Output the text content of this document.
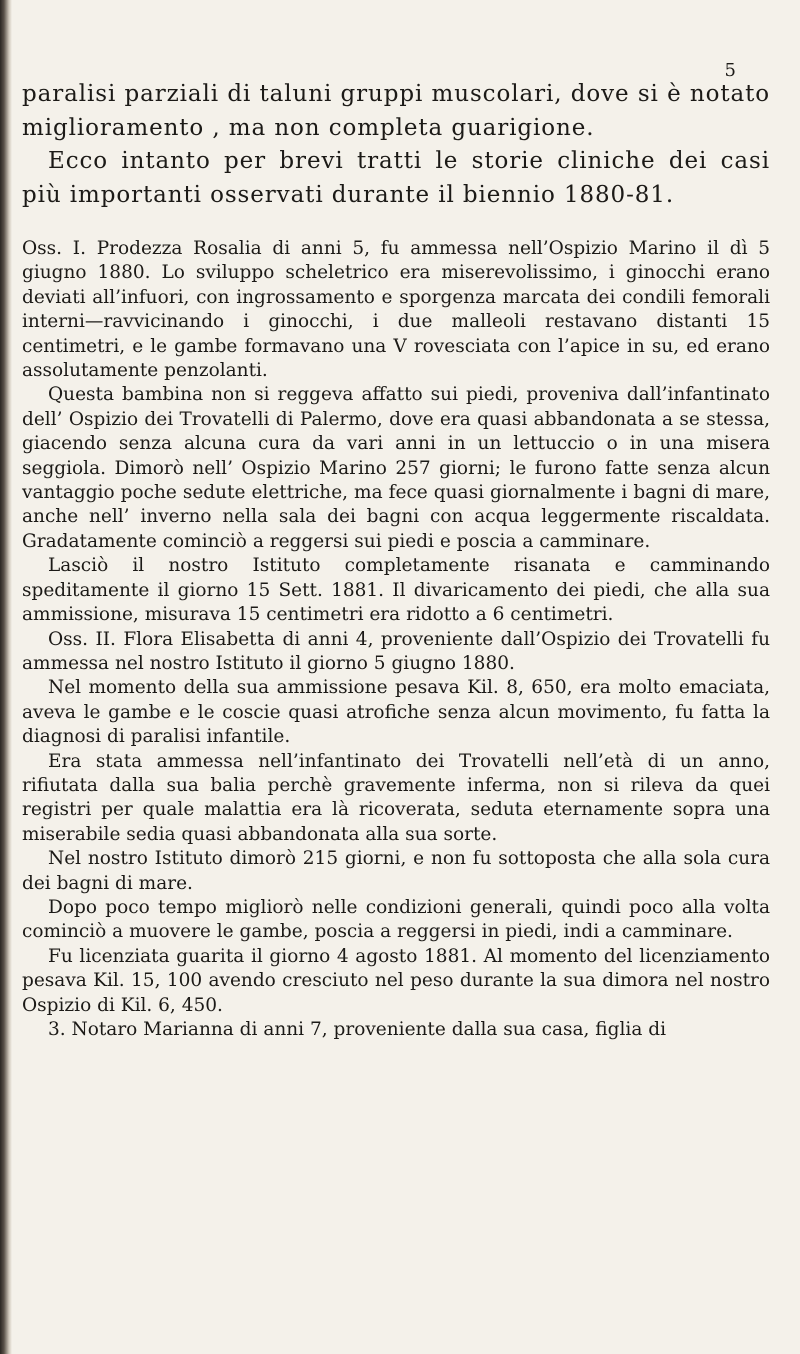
5

paralisi parziali di taluni gruppi muscolari, dove si è notato miglioramento , ma non completa guarigione.

Ecco intanto per brevi tratti le storie cliniche dei casi più importanti osservati durante il biennio 1880-81.

Oss. I. Prodezza Rosalia di anni 5, fu ammessa nell’Ospizio Marino il dì 5 giugno 1880. Lo sviluppo scheletrico era miserevolissimo, i ginocchi erano deviati all’infuori, con ingrossamento e sporgenza marcata dei condili femorali interni—ravvicinando i ginocchi, i due malleoli restavano distanti 15 centimetri, e le gambe formavano una V rovesciata con l’apice in su, ed erano assolutamente penzolanti.

Questa bambina non si reggeva affatto sui piedi, proveniva dall’infantinato dell’ Ospizio dei Trovatelli di Palermo, dove era quasi abbandonata a se stessa, giacendo senza alcuna cura da vari anni in un lettuccio o in una misera seggiola. Dimorò nell’ Ospizio Marino 257 giorni; le furono fatte senza alcun vantaggio poche sedute elettriche, ma fece quasi giornalmente i bagni di mare, anche nell’ inverno nella sala dei bagni con acqua leggermente riscaldata. Gradatamente cominciò a reggersi sui piedi e poscia a camminare.

Lasciò il nostro Istituto completamente risanata e camminando speditamente il giorno 15 Sett. 1881. Il divaricamento dei piedi, che alla sua ammissione, misurava 15 centimetri era ridotto a 6 centimetri.

Oss. II. Flora Elisabetta di anni 4, proveniente dall’Ospizio dei Trovatelli fu ammessa nel nostro Istituto il giorno 5 giugno 1880.

Nel momento della sua ammissione pesava Kil. 8, 650, era molto emaciata, aveva le gambe e le coscie quasi atrofiche senza alcun movimento, fu fatta la diagnosi di paralisi infantile.

Era stata ammessa nell’infantinato dei Trovatelli nell’età di un anno, rifiutata dalla sua balia perchè gravemente inferma, non si rileva da quei registri per quale malattia era là ricoverata, seduta eternamente sopra una miserabile sedia quasi abbandonata alla sua sorte.

Nel nostro Istituto dimorò 215 giorni, e non fu sottoposta che alla sola cura dei bagni di mare.

Dopo poco tempo migliorò nelle condizioni generali, quindi poco alla volta cominciò a muovere le gambe, poscia a reggersi in piedi, indi a camminare.

Fu licenziata guarita il giorno 4 agosto 1881. Al momento del licenziamento pesava Kil. 15, 100 avendo cresciuto nel peso durante la sua dimora nel nostro Ospizio di Kil. 6, 450.

3. Notaro Marianna di anni 7, proveniente dalla sua casa, figlia di
